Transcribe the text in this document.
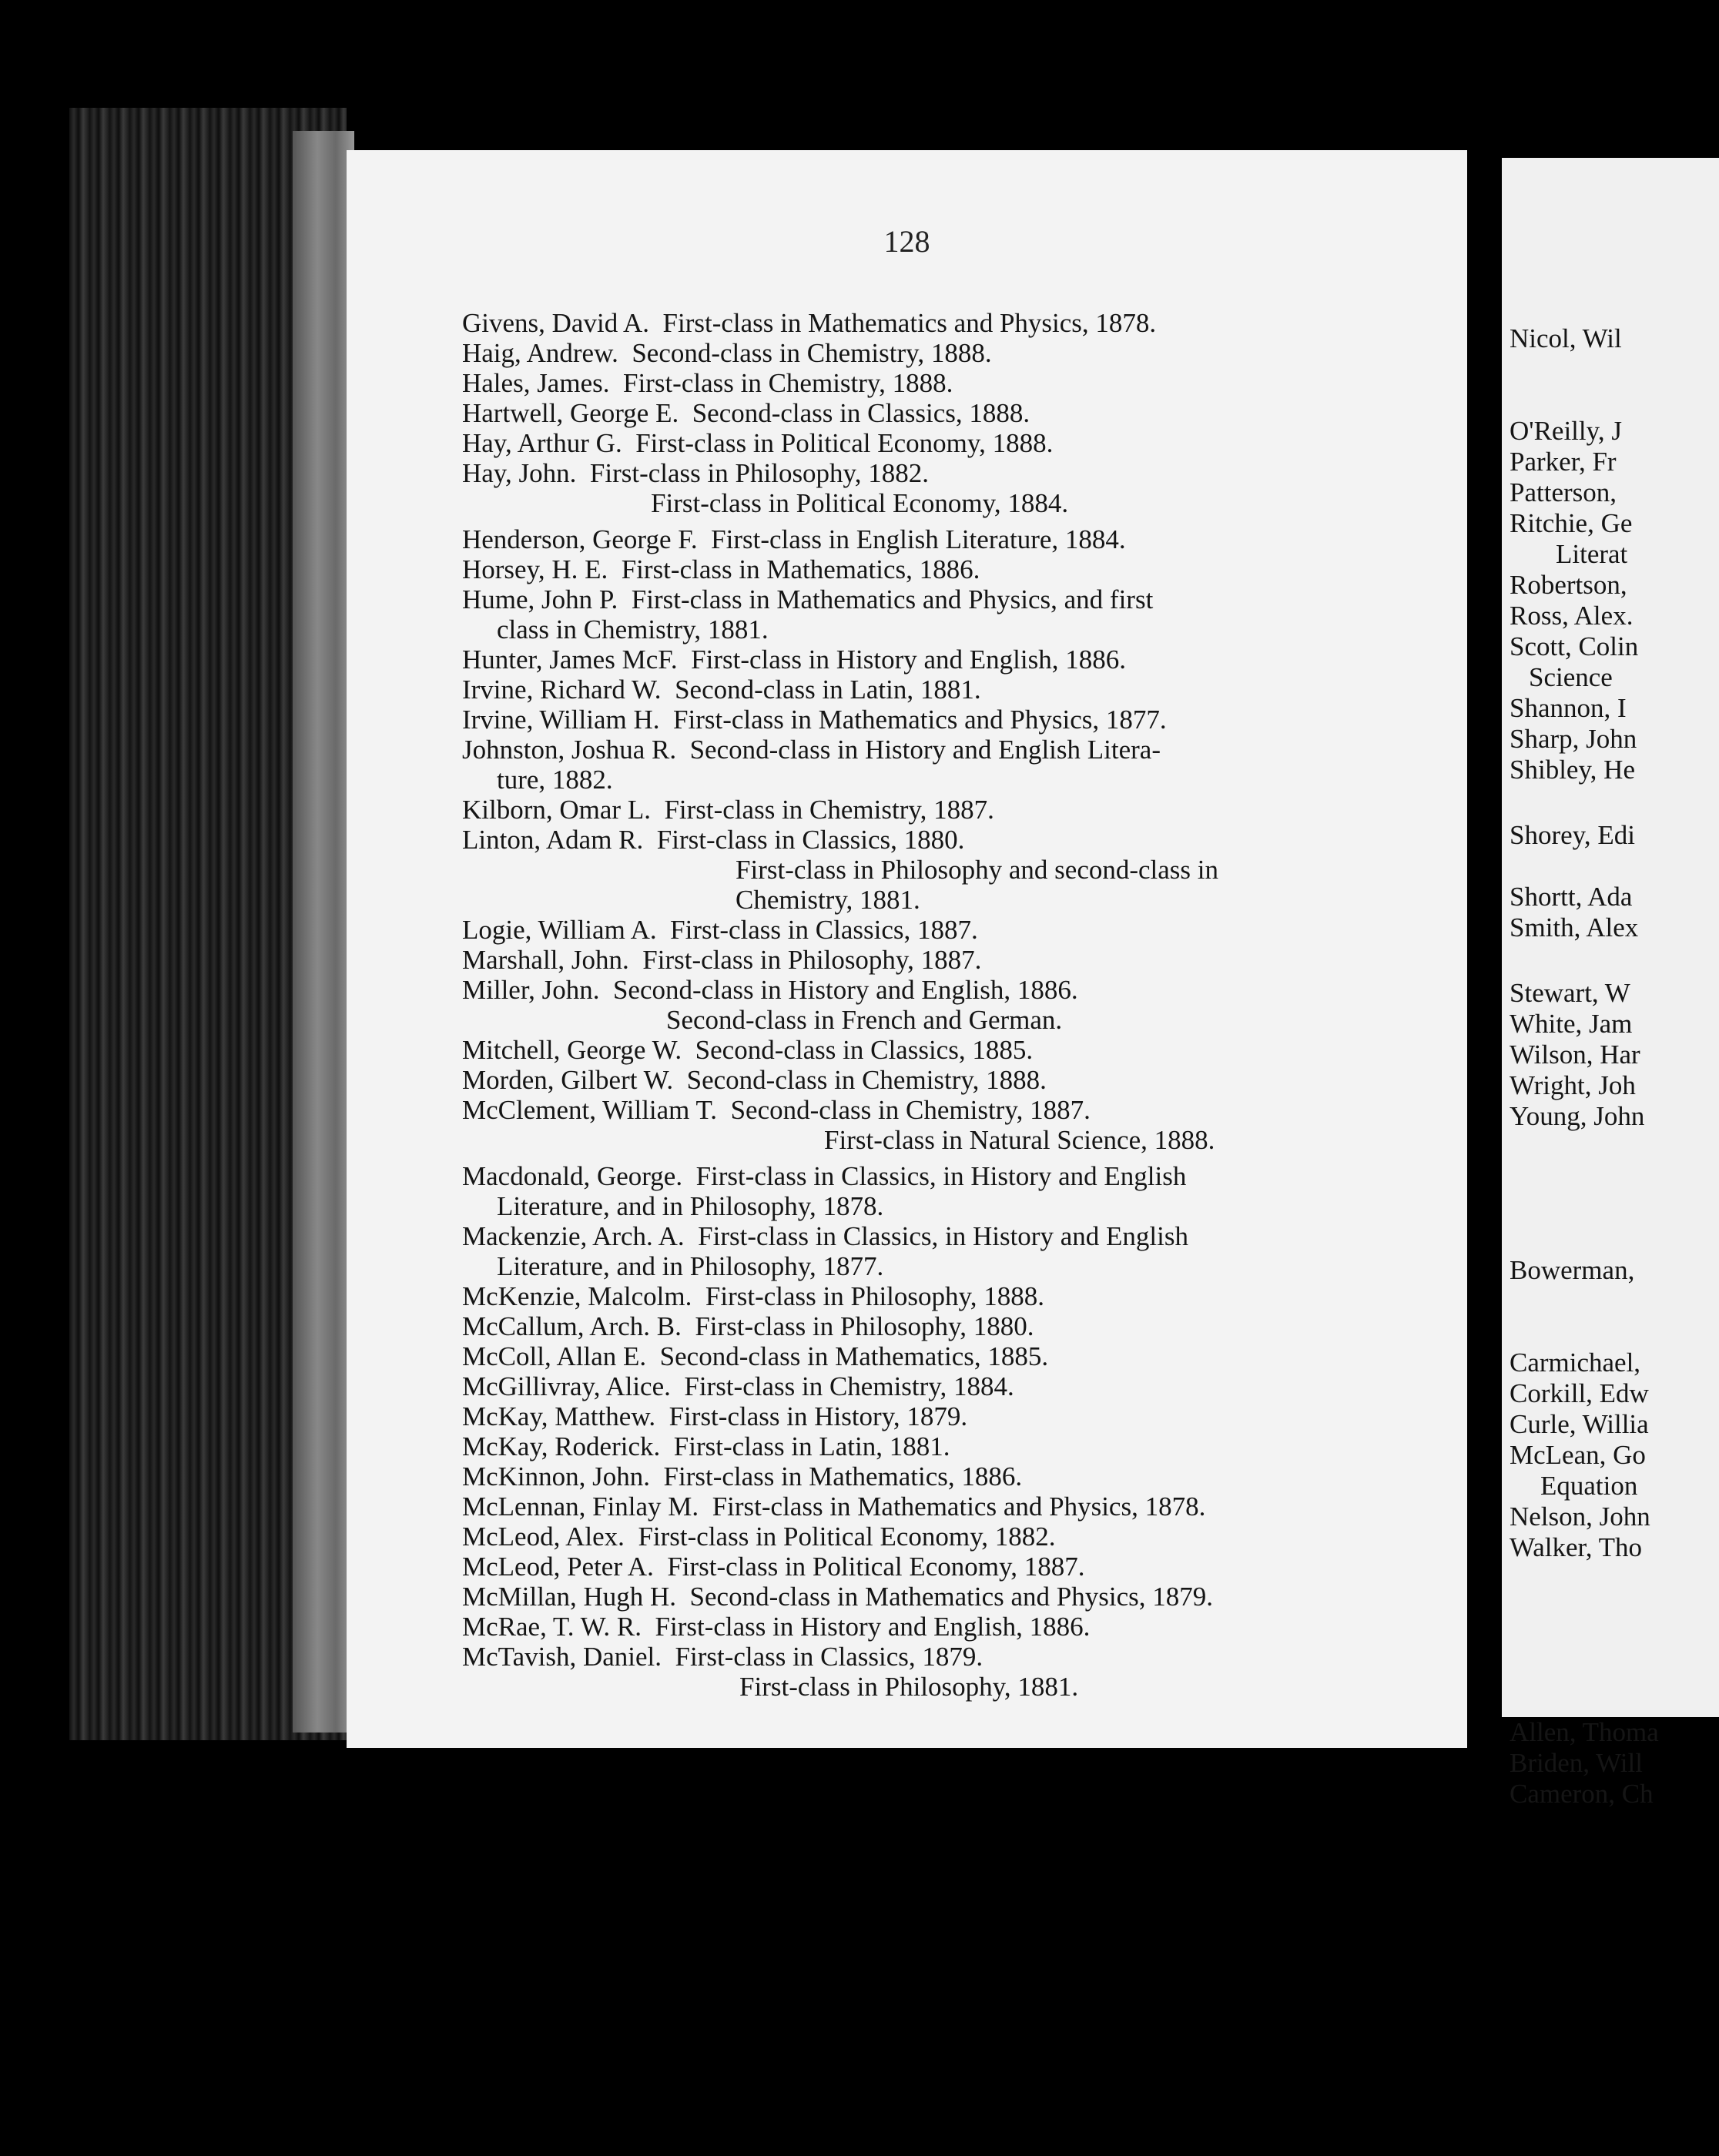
128
Givens, David A.  First-class in Mathematics and Physics, 1878.
Haig, Andrew.  Second-class in Chemistry, 1888.
Hales, James.  First-class in Chemistry, 1888.
Hartwell, George E.  Second-class in Classics, 1888.
Hay, Arthur G.  First-class in Political Economy, 1888.
Hay, John.  First-class in Philosophy, 1882.
First-class in Political Economy, 1884.
Henderson, George F.  First-class in English Literature, 1884.
Horsey, H. E.  First-class in Mathematics, 1886.
Hume, John P.  First-class in Mathematics and Physics, and first
class in Chemistry, 1881.
Hunter, James McF.  First-class in History and English, 1886.
Irvine, Richard W.  Second-class in Latin, 1881.
Irvine, William H.  First-class in Mathematics and Physics, 1877.
Johnston, Joshua R.  Second-class in History and English Litera-
ture, 1882.
Kilborn, Omar L.  First-class in Chemistry, 1887.
Linton, Adam R.  First-class in Classics, 1880.
First-class in Philosophy and second-class in
Chemistry, 1881.
Logie, William A.  First-class in Classics, 1887.
Marshall, John.  First-class in Philosophy, 1887.
Miller, John.  Second-class in History and English, 1886.
Second-class in French and German.
Mitchell, George W.  Second-class in Classics, 1885.
Morden, Gilbert W.  Second-class in Chemistry, 1888.
McClement, William T.  Second-class in Chemistry, 1887.
First-class in Natural Science, 1888.
Macdonald, George.  First-class in Classics, in History and English
Literature, and in Philosophy, 1878.
Mackenzie, Arch. A.  First-class in Classics, in History and English
Literature, and in Philosophy, 1877.
McKenzie, Malcolm.  First-class in Philosophy, 1888.
McCallum, Arch. B.  First-class in Philosophy, 1880.
McColl, Allan E.  Second-class in Mathematics, 1885.
McGillivray, Alice.  First-class in Chemistry, 1884.
McKay, Matthew.  First-class in History, 1879.
McKay, Roderick.  First-class in Latin, 1881.
McKinnon, John.  First-class in Mathematics, 1886.
McLennan, Finlay M.  First-class in Mathematics and Physics, 1878.
McLeod, Alex.  First-class in Political Economy, 1882.
McLeod, Peter A.  First-class in Political Economy, 1887.
McMillan, Hugh H.  Second-class in Mathematics and Physics, 1879.
McRae, T. W. R.  First-class in History and English, 1886.
McTavish, Daniel.  First-class in Classics, 1879.
First-class in Philosophy, 1881.
Nicol, Wil
O'Reilly, J
Parker, Fr
Patterson,
Ritchie, Ge
Literat
Robertson,
Ross, Alex.
Scott, Colin
Science
Shannon, I
Sharp, John
Shibley, He
Shorey, Edi
Shortt, Ada
Smith, Alex
Stewart, W
White, Jam
Wilson, Har
Wright, Joh
Young, John
Bowerman,
Carmichael,
Corkill, Edw
Curle, Willia
McLean, Go
Equation
Nelson, John
Walker, Tho
Allen, Thoma
Briden, Will
Cameron, Ch
